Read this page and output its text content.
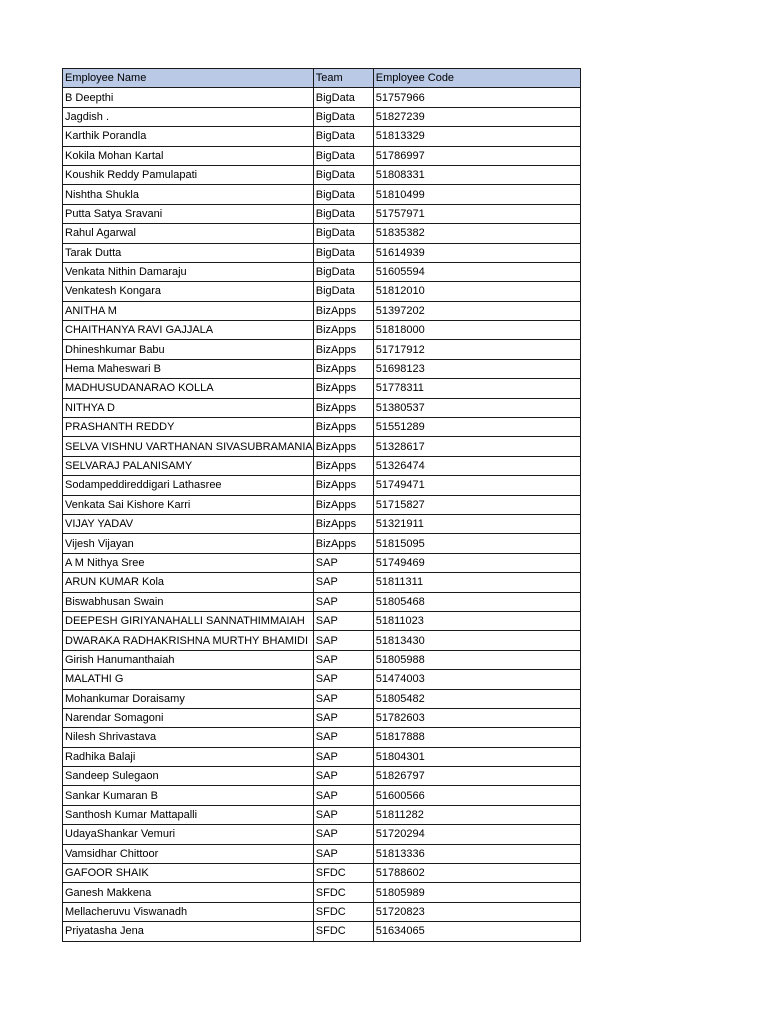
Employee Name	Team	Employee Code
B Deepthi	BigData	51757966
Jagdish .	BigData	51827239
Karthik Porandla	BigData	51813329
Kokila Mohan Kartal	BigData	51786997
Koushik Reddy Pamulapati	BigData	51808331
Nishtha Shukla	BigData	51810499
Putta Satya Sravani	BigData	51757971
Rahul Agarwal	BigData	51835382
Tarak Dutta	BigData	51614939
Venkata Nithin Damaraju	BigData	51605594
Venkatesh Kongara	BigData	51812010
ANITHA M	BizApps	51397202
CHAITHANYA RAVI GAJJALA	BizApps	51818000
Dhineshkumar Babu	BizApps	51717912
Hema Maheswari B	BizApps	51698123
MADHUSUDANARAO KOLLA	BizApps	51778311
NITHYA D	BizApps	51380537
PRASHANTH REDDY	BizApps	51551289
SELVA VISHNU VARTHANAN SIVASUBRAMANIA	BizApps	51328617
SELVARAJ PALANISAMY	BizApps	51326474
Sodampeddireddigari Lathasree	BizApps	51749471
Venkata Sai Kishore Karri	BizApps	51715827
VIJAY YADAV	BizApps	51321911
Vijesh Vijayan	BizApps	51815095
A M Nithya Sree	SAP	51749469
ARUN KUMAR Kola	SAP	51811311
Biswabhusan Swain	SAP	51805468
DEEPESH GIRIYANAHALLI SANNATHIMMAIAH	SAP	51811023
DWARAKA RADHAKRISHNA MURTHY BHAMIDI	SAP	51813430
Girish Hanumanthaiah	SAP	51805988
MALATHI G	SAP	51474003
Mohankumar Doraisamy	SAP	51805482
Narendar Somagoni	SAP	51782603
Nilesh Shrivastava	SAP	51817888
Radhika Balaji	SAP	51804301
Sandeep Sulegaon	SAP	51826797
Sankar Kumaran B	SAP	51600566
Santhosh Kumar Mattapalli	SAP	51811282
UdayaShankar Vemuri	SAP	51720294
Vamsidhar Chittoor	SAP	51813336
GAFOOR SHAIK	SFDC	51788602
Ganesh Makkena	SFDC	51805989
Mellacheruvu Viswanadh	SFDC	51720823
Priyatasha Jena	SFDC	51634065
